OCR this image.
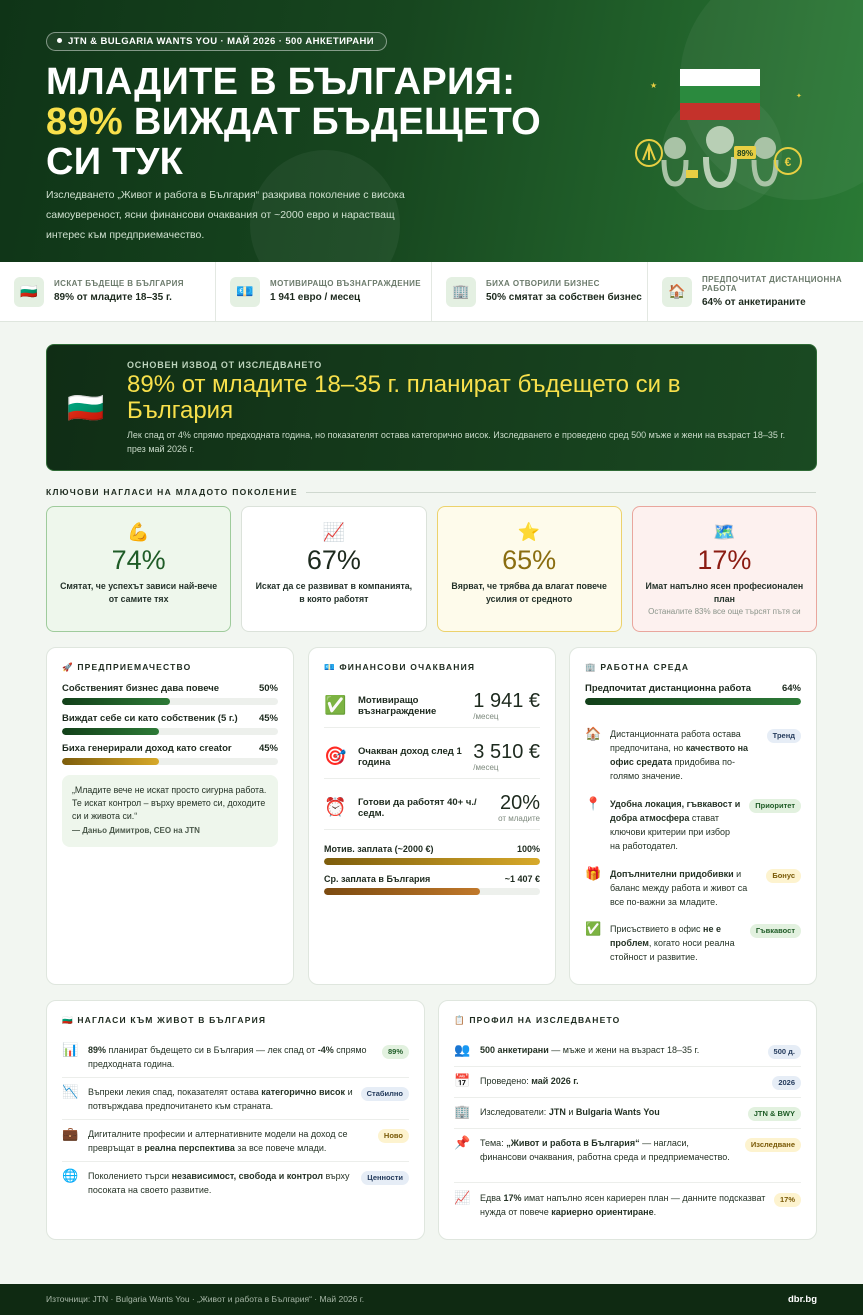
JTN & BULGARIA WANTS YOU · МАЙ 2026 · 500 АНКЕТИРАНИ
МЛАДИТЕ В БЪЛГАРИЯ:
89% ВИЖДАТ БЪДЕЩЕТО
СИ ТУК
Изследването „Живот и работа в България“ разкрива поколение с висока самоувереност, ясни финансови очаквания от ~2000 евро и нарастващ интерес към предприемачество.
89%
€
★
✦
🇧🇬	ИСКАТ БЪДЕЩЕ В БЪЛГАРИЯ
89% от младите 18–35 г.	💶	МОТИВИРАЩО ВЪЗНАГРАЖДЕНИЕ
1 941 евро / месец	🏢	БИХА ОТВОРИЛИ БИЗНЕС
50% смятат за собствен бизнес	🏠
ПРЕДПОЧИТАТ ДИСТАНЦИОННА РАБОТА
64% от анкетираните
🇧🇬
ОСНОВЕН ИЗВОД ОТ ИЗСЛЕДВАНЕТО
89% от младите 18–35 г. планират бъдещето си в България
Лек спад от 4% спрямо предходната година, но показателят остава категорично висок. Изследването е проведено сред 500 мъже и жени на възраст 18–35 г. през май 2026 г.
КЛЮЧОВИ НАГЛАСИ НА МЛАДОТО ПОКОЛЕНИЕ
💪
74%
Смятат, че успехът зависи най-вече от самите тях
📈
67%
Искат да се развиват в компанията, в която работят
⭐
65%
Вярват, че трябва да влагат повече усилия от средното
🗺️
17%
Имат напълно ясен професионален план
Останалите 83% все още търсят пътя си
🚀 ПРЕДПРИЕМАЧЕСТВО
Собственият бизнес дава повече	50%
Виждат себе си като собственик (5 г.) 45%
Биха генерирали доход като creator	45%
„Младите вече не искат просто сигурна работа. Те искат контрол – върху времето си, доходите си и живота си.“
— Даньо Димитров, CEO на JTN
💶 ФИНАНСОВИ ОЧАКВАНИЯ
✅	Мотивиращо възнаграждение	1 941 €
/месец
🎯	Очакван доход след 1 година	3 510 €
/месец
⏰	Готови да работят 40+ ч./седм.	20%
от младите
Мотив. заплата (~2000 €)	100%
Ср. заплата в България	~1 407 €
🏢 РАБОТНА СРЕДА
Предпочитат дистанционна работа	64%
🏠 Дистанционната работа остава предпочитана, но качеството на офис средата придобива по-голямо значение.
Тренд
📍 Удобна локация, гъвкавост и добра атмосфера стават ключови критерии при избор на работодател.
Приоритет
🎁 Допълнителни придобивки и баланс между работа и живот са все по-важни за младите.
Бонус
✅ Присъствието в офис не е проблем, когато носи реална стойност и развитие.
Гъвкавост
🇧🇬 НАГЛАСИ КЪМ ЖИВОТ В БЪЛГАРИЯ
📊	89% планират бъдещето си в България — лек спад от -4% спрямо предходната година.
89%
📉	Въпреки лекия спад, показателят остава категорично висок и потвърждава предпочитането към страната.
Стабилно
💼	Дигиталните професии и алтернативните модели на доход се превръщат в реална перспектива за все повече млади.
Ново
🌐	Поколението търси независимост, свобода и контрол върху посоката на своето развитие.
Ценности
📋 ПРОФИЛ НА ИЗСЛЕДВАНЕТО
👥	500 анкетирани — мъже и жени на възраст 18–35 г.	500 д.
📅	Проведено: май 2026 г.	2026
🏢	Изследователи: JTN и Bulgaria Wants You	JTN & BWY
📌	Тема: „Живот и работа в България“ — нагласи, финансови очаквания, работна среда и предприемачество.
Изследване
📈	Едва 17% имат напълно ясен кариерен план — данните подсказват нужда от повече кариерно ориентиране.
17%
Източници: JTN · Bulgaria Wants You · „Живот и работа в България“ · Май 2026 г.	dbr.bg
